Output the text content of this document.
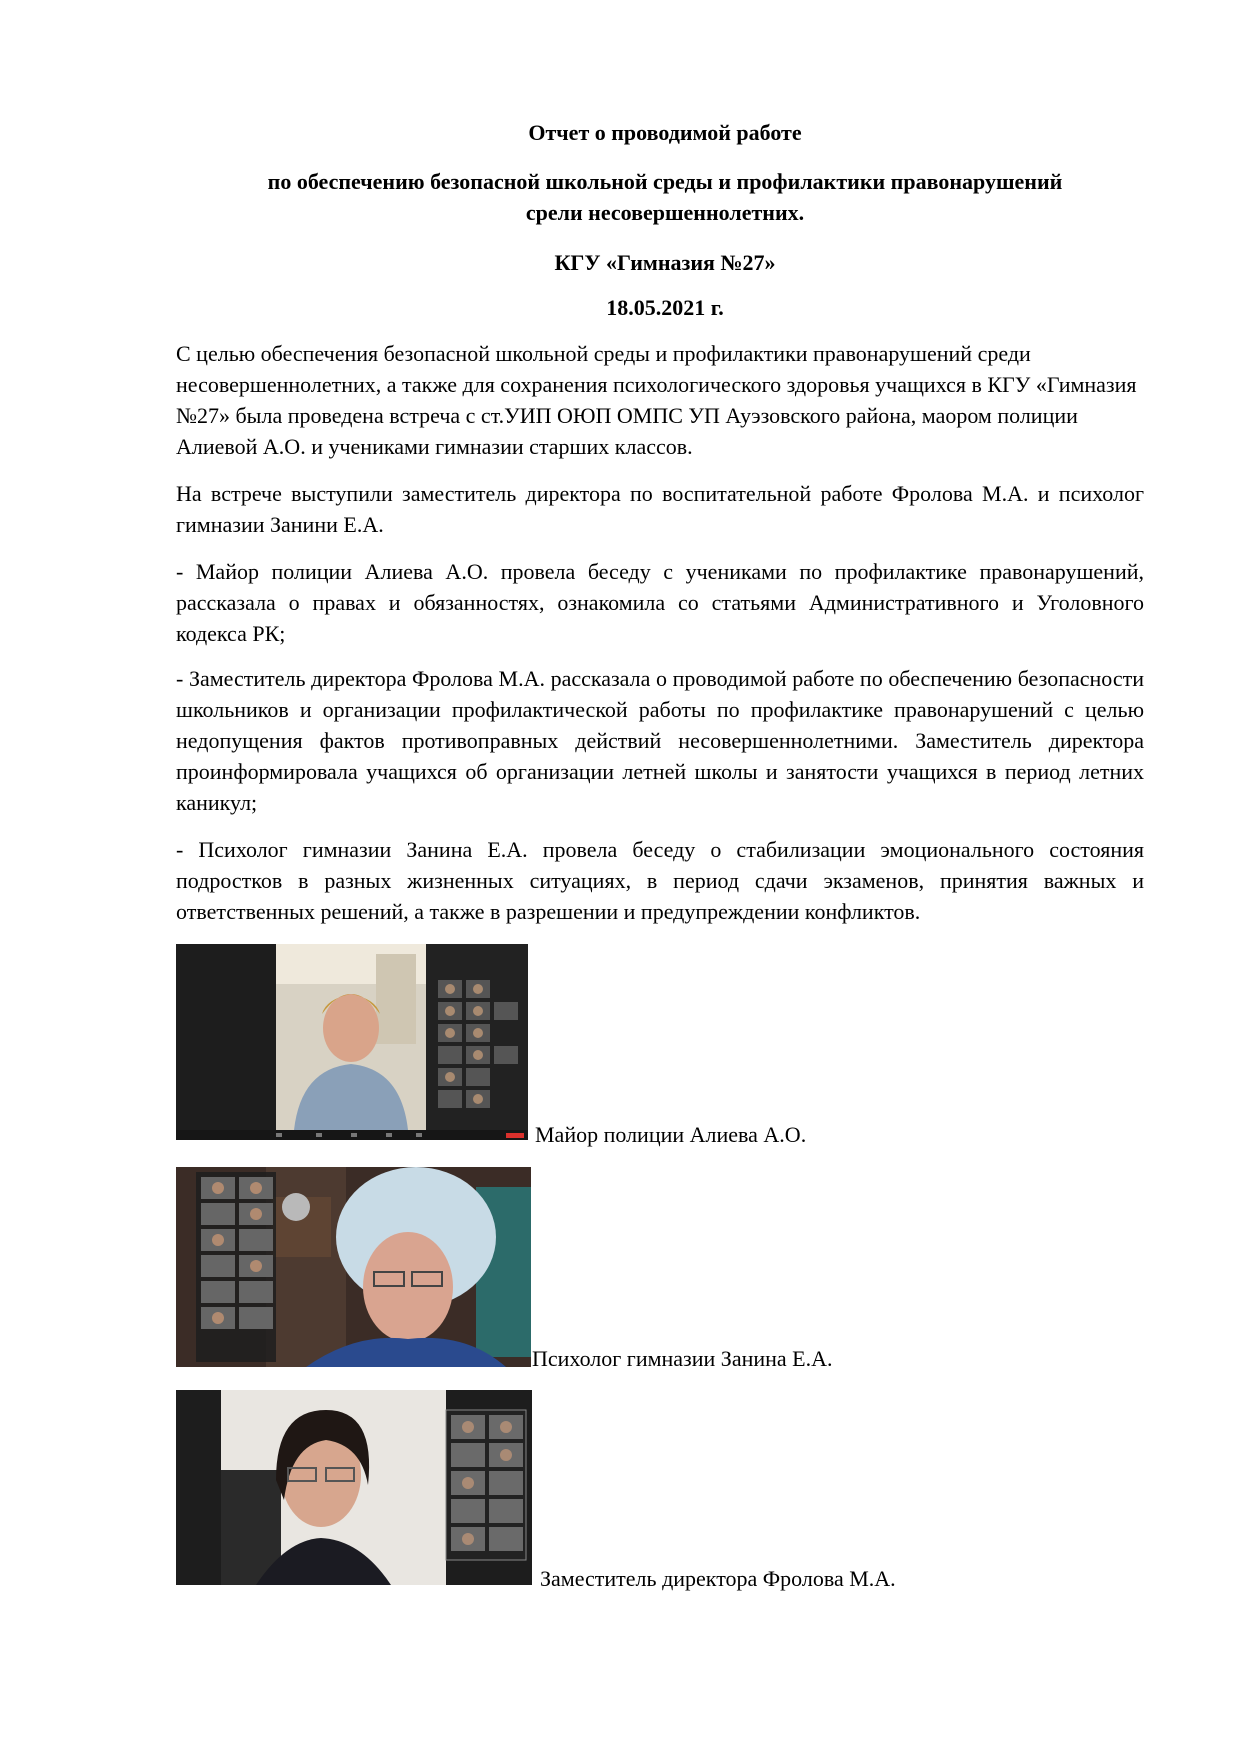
Отчет о проводимой работе
по обеспечению безопасной школьной среды и профилактики правонарушений
срели несовершеннолетних.
КГУ «Гимназия №27»
18.05.2021 г.
С целью обеспечения безопасной школьной среды и профилактики правонарушений среди несовершеннолетних, а также для сохранения психологического здоровья учащихся в КГУ «Гимназия №27» была проведена встреча с ст.УИП ОЮП ОМПС УП Ауэзовского района, маором полиции Алиевой А.О. и учениками гимназии старших классов.
На встрече выступили заместитель директора по воспитательной работе Фролова М.А. и психолог гимназии Занини Е.А.
- Майор полиции Алиева А.О. провела беседу с учениками по профилактике правонарушений, рассказала о правах и обязанностях, ознакомила со статьями Административного и Уголовного кодекса РК;
- Заместитель директора Фролова М.А. рассказала о проводимой работе по обеспечению безопасности школьников и организации профилактической работы по профилактике правонарушений с целью недопущения фактов противоправных действий несовершеннолетними. Заместитель директора проинформировала учащихся об организации летней школы и занятости учащихся в период летних каникул;
- Психолог гимназии Занина Е.А. провела беседу о стабилизации эмоционального состояния подростков в разных жизненных ситуациях, в период сдачи экзаменов, принятия важных и ответственных решений, а также в разрешении и предупреждении конфликтов.
Майор полиции Алиева А.О.
Психолог гимназии Занина Е.А.
Заместитель директора Фролова М.А.
